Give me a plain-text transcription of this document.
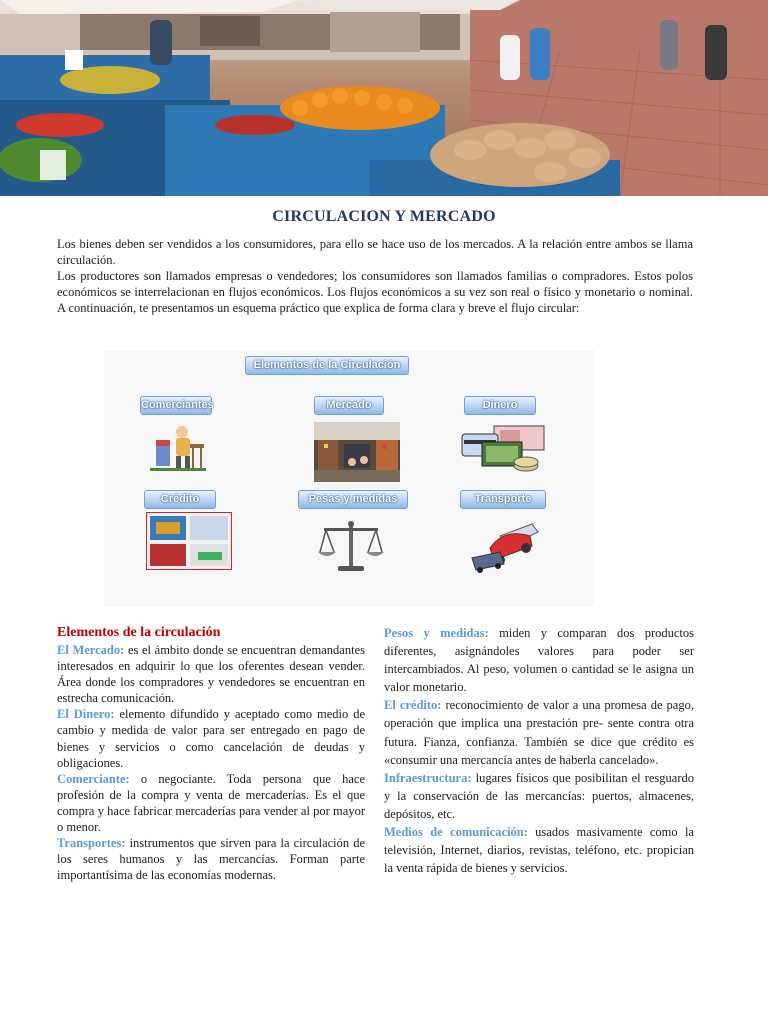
CIRCULACION Y MERCADO

Los bienes deben ser vendidos a los consumidores, para ello se hace uso de los mercados. A la relación entre ambos se llama circulación.

Los productores son llamados empresas o vendedores; los consumidores son llamados familias o compradores. Estos polos económicos se interrelacionan en flujos económicos. Los flujos económicos a su vez son real o físico y monetario o nominal. A continuación, te presentamos un esquema práctico que explica de forma clara y breve el flujo circular:

Elementos de la Circulación
Comerciantes	Mercado	Dinero
Crédito	Pesas y medidas	Transporte

Elementos de la circulación

El Mercado: es el ámbito donde se encuentran demandantes interesados en adquirir lo que los oferentes desean vender. Área donde los compradores y vendedores se encuentran en estrecha comunicación.

El Dinero: elemento difundido y aceptado como medio de cambio y medida de valor para ser entregado en pago de bienes y servicios o como cancelación de deudas y obligaciones.

Comerciante: o negociante. Toda persona que hace profesión de la compra y venta de mercaderías. Es el que compra y hace fabricar mercaderías para vender al por mayor o menor.

Transportes: instrumentos que sirven para la circulación de los seres humanos y las mercancías. Forman parte importantísima de las economías modernas.

Pesos y medidas: miden y comparan dos productos diferentes, asignándoles valores para poder ser intercambiados. Al peso, volumen o cantidad se le asigna un valor monetario.

El crédito: reconocimiento de valor a una promesa de pago, operación que implica una prestación pre- sente contra otra futura. Fianza, confianza. También se dice que crédito es «consumir una mercancía antes de haberla cancelado».

Infraestructura: lugares físicos que posibilitan el resguardo y la conservación de las mercancías: puertos, almacenes, depósitos, etc.

Medios de comunicación: usados masivamente como la televisión, Internet, diarios, revistas, teléfono, etc. propician la venta rápida de bienes y servicios.
